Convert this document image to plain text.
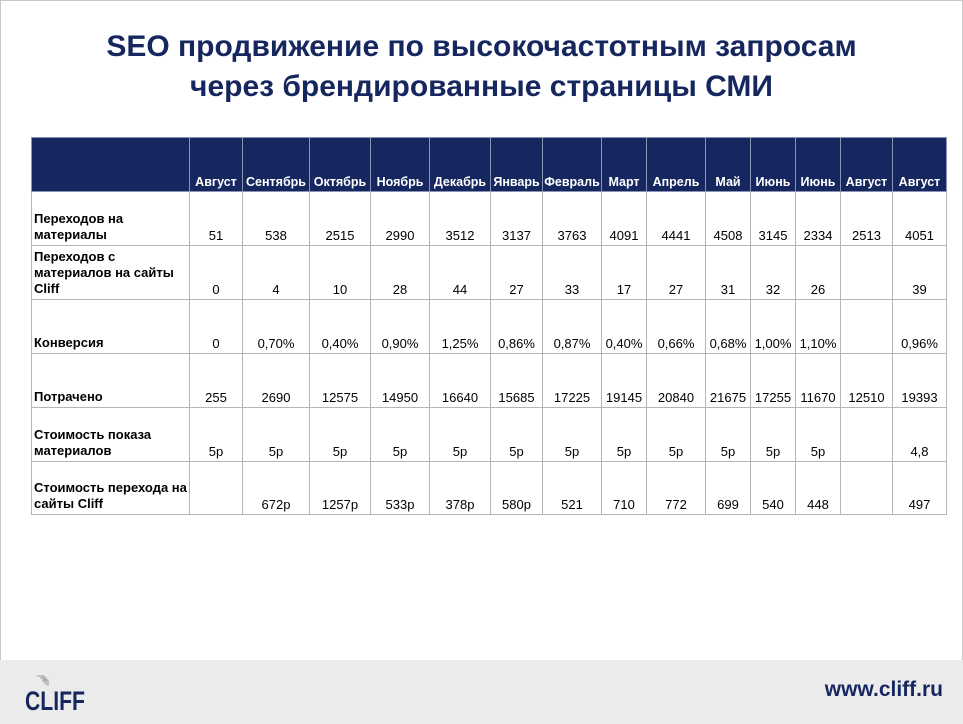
SEO продвижение по высокочастотным запросам
через брендированные страницы СМИ
	Август	Сентябрь	Октябрь	Ноябрь	Декабрь	Январь	Февраль	Март	Апрель	Май	Июнь	Июнь	Август	Август
Переходов на материалы	51	538	2515	2990	3512	3137	3763	4091	4441	4508	3145	2334	2513	4051
Переходов с материалов на сайты Cliff	0	4	10	28	44	27	33	17	27	31	32	26		39
Конверсия	0	0,70%	0,40%	0,90%	1,25%	0,86%	0,87%	0,40%	0,66%	0,68%	1,00%	1,10%		0,96%
Потрачено	255	2690	12575	14950	16640	15685	17225	19145	20840	21675	17255	11670	12510	19393
Стоимость показа материалов	5р	5р	5р	5р	5р	5р	5р	5р	5р	5р	5р	5р		4,8
Стоимость перехода на сайты Cliff		672р	1257р	533р	378р	580р	521	710	772	699	540	448		497
CLIFF	www.cliff.ru
